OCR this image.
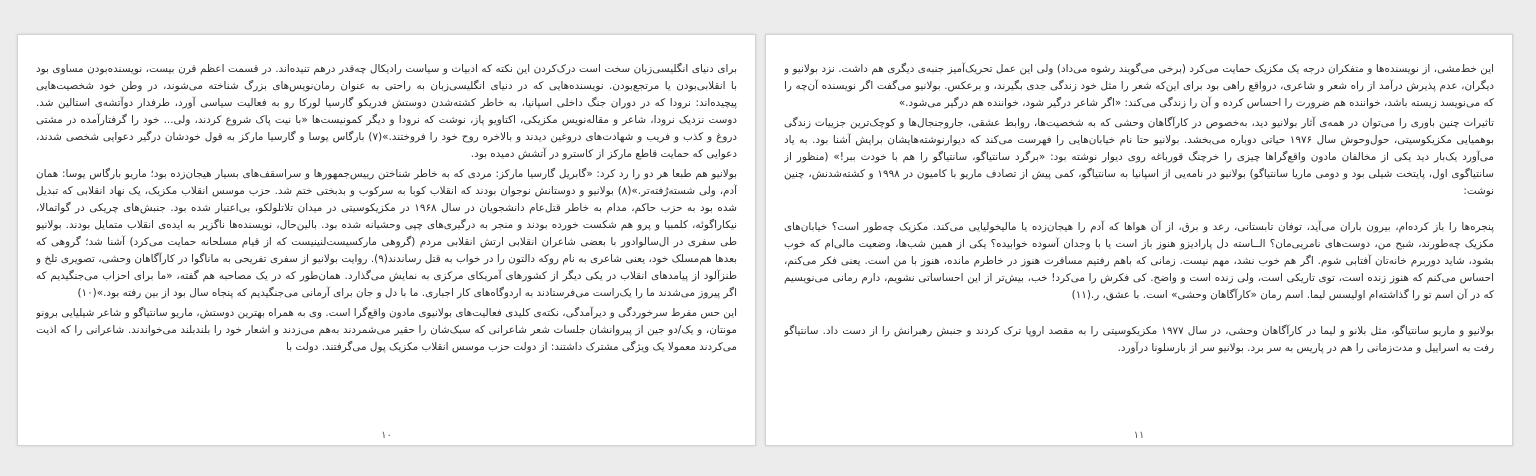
برای دنیای انگلیسی‌زبان سخت است درک‌کردن این نکته که ادبیات و سیاست رادیکال چه‌قدر درهم تنیده‌اند. در قسمت اعظم قرن بیست، نویسنده‌بودن مساوی بود با انقلابی‌بودن یا مرتجع‌بودن. نویسنده‌هایی که در دنیای انگلیسی‌زبان به راحتی به عنوان رمان‌نویس‌های بزرگ شناخته می‌شوند، در وطن خود شخصیت‌هایی پیچیده‌اند: نرودا که در دوران جنگ داخلی اسپانیا، به خاطر کشته‌شدن دوستش فدریکو گارسیا لورکا رو به فعالیت سیاسی آورد، طرفدار دوآتشه‌ی استالین شد. دوست نزدیک نرودا، شاعر و مقاله‌نویس مکزیکی، اکتاویو پاز، نوشت که نرودا و دیگر کمونیست‌ها «با نیت پاک شروع کردند، ولی... خود را گرفتارآمده در مشتی دروغ و کذب و فریب و شهادت‌های دروغین دیدند و بالاخره روح خود را فروختند.»(۷) بارگاس یوسا و گارسیا مارکز به قول خودشان درگیر دعوایی شخصی شدند، دعوایی که حمایت قاطع مارکز از کاسترو در آتشش دمیده بود.

بولانیو هم طبعا هر دو را رد کرد: «گابریل گارسیا مارکز: مردی که به خاطر شناختن رییس‌جمهورها و سراسقف‌های بسیار هیجان‌زده بود؛ ماریو بارگاس یوسا: همان آدم، ولی شسته‌رُفته‌تر.»(۸) بولانیو و دوستانش نوجوان بودند که انقلاب کوبا به سرکوب و بدبختی ختم شد. حزب موسس انقلاب مکزیک، یک نهاد انقلابی که تبدیل شده بود به حزب حاکم، مدام به خاطر قتل‌عام دانشجویان در سال ۱۹۶۸ در مکزیکوسیتی در میدان تلاتلولکو، بی‌اعتبار شده بود. جنبش‌های چریکی در گواتمالا، نیکاراگوئه، کلمبیا و پرو هم شکست خورده بودند و منجر به درگیری‌های چپی وحشیانه شده بود. بالین‌حال، نویسنده‌ها ناگزیر به ایده‌ی انقلاب متمایل بودند. بولانیو طی سفری در ال‌سالوادور با بعضی شاعران انقلابی ارتش انقلابی مردم (گروهی مارکسیست‌لنینیست که از قیام مسلحانه حمایت می‌کرد) آشنا شد؛ گروهی که بعدها هم‌مسلک خود، یعنی شاعری به نام روکه دالتون را در خواب به قتل رساندند(۹). روایت بولانیو از سفری تفریحی به ماناگوا در کارآگاهان وحشی، تصویری تلخ و طنزآلود از پیامدهای انقلاب در یکی دیگر از کشورهای آمریکای مرکزی به نمایش می‌گذارد. همان‌طور که در یک مصاحبه هم گفته، «ما برای احزاب می‌جنگیدیم که اگر پیروز می‌شدند ما را یک‌راست می‌فرستادند به اردوگاه‌های کار اجباری. ما با دل و جان برای آرمانی می‌جنگیدیم که پنجاه سال بود از بین رفته بود.»(۱۰)

این حس مفرط سرخوردگی و دیرآمدگی، نکته‌ی کلیدی فعالیت‌های بولانیوی مادون واقع‌گرا است. وی به همراه بهترین دوستش، ماریو سانتیاگو و شاعر شیلیایی برونو مونتان، و یک/دو جین از پیروانشان جلسات شعر شاعرانی که سبک‌شان را حقیر می‌شمردند به‌هم می‌زدند و اشعار خود را بلندبلند می‌خواندند. شاعرانی را که اذیت می‌کردند معمولا یک ویژگی مشترک داشتند: از دولت حزب موسس انقلاب مکزیک پول می‌گرفتند. دولت با

۱۰

این خط‌مشی، از نویسنده‌ها و متفکران درجه یک مکزیک حمایت می‌کرد (برخی می‌گویند رشوه می‌داد) ولی این عمل تحریک‌آمیز جنبه‌ی دیگری هم داشت. نزد بولانیو و دیگران، عدم پذیرش درآمد از راه شعر و شاعری، درواقع راهی بود برای این‌که شعر را مثل خود زندگی جدی بگیرند، و برعکس. بولانیو می‌گفت اگر نویسنده آن‌چه را که می‌نویسد زیسته باشد، خواننده هم ضرورت را احساس کرده و آن را زندگی می‌کند: «اگر شاعر درگیر شود، خواننده هم درگیر می‌شود.»

تاثیرات چنین باوری را می‌توان در همه‌ی آثار بولانیو دید، به‌خصوص در کارآگاهان وحشی که به شخصیت‌ها، روابط عشقی، جاروجنجال‌ها و کوچک‌ترین جزییات زندگی بوهمیایی مکزیکوسیتی، حول‌وحوش سال ۱۹۷۶ حیاتی دوباره می‌بخشد. بولانیو حتا نام خیابان‌هایی را فهرست می‌کند که دیوارنوشته‌هایشان برایش آشنا بود. به یاد می‌آورد یک‌بار دید یکی از مخالفان مادون واقع‌گراها چیزی را خرچنگ قورباغه روی دیوار نوشته بود: «برگرد سانتیاگو، سانتیاگو را هم با خودت ببر!» (منظور از سانتیاگوی اول، پایتخت شیلی بود و دومی ماریا سانتیاگو) بولانیو در نامه‌یی از اسپانیا به سانتیاگو، کمی پیش از تصادف ماریو با کامیون در ۱۹۹۸ و کشته‌شدنش، چنین نوشت:

پنجره‌ها را باز کرده‌ام، بیرون باران می‌آید، توفان تابستانی، رعد و برق، از آن هواها که آدم را هیجان‌زده یا مالیخولیایی می‌کند. مکزیک چه‌طور است؟ خیابان‌های مکزیک چه‌طورند، شبح من، دوست‌های نامریی‌مان؟ الــاسته دل پارادیزو هنوز باز است یا با وجدان آسوده خوابیده؟ یکی از همین شب‌ها، وضعیت مالی‌ام که خوب بشود، شاید دوربرم خانه‌تان آفتابی شوم. اگر هم خوب نشد، مهم نیست. زمانی که باهم رفتیم مسافرت هنوز در خاطرم مانده، هنوز با من است. یعنی فکر می‌کنم، احساس می‌کنم که هنوز زنده است، توی تاریکی است، ولی زنده است و واضح. کی فکرش را می‌کرد! خب، بیش‌تر از این احساساتی نشویم، دارم رمانی می‌نویسیم که در آن اسم تو را گذاشته‌ام اولیسس لیما. اسم رمان «کارآگاهان وحشی» است. با عشق، ر.(۱۱)

بولانیو و ماریو سانتیاگو، مثل بلانو و لیما در کارآگاهان وحشی، در سال ۱۹۷۷ مکزیکوسیتی را به مقصد اروپا ترک کردند و جنبش رهبرانش را از دست داد. سانتیاگو رفت به اسراییل و مدت‌زمانی را هم در پاریس به سر برد. بولانیو سر از بارسلونا درآورد.

۱۱
